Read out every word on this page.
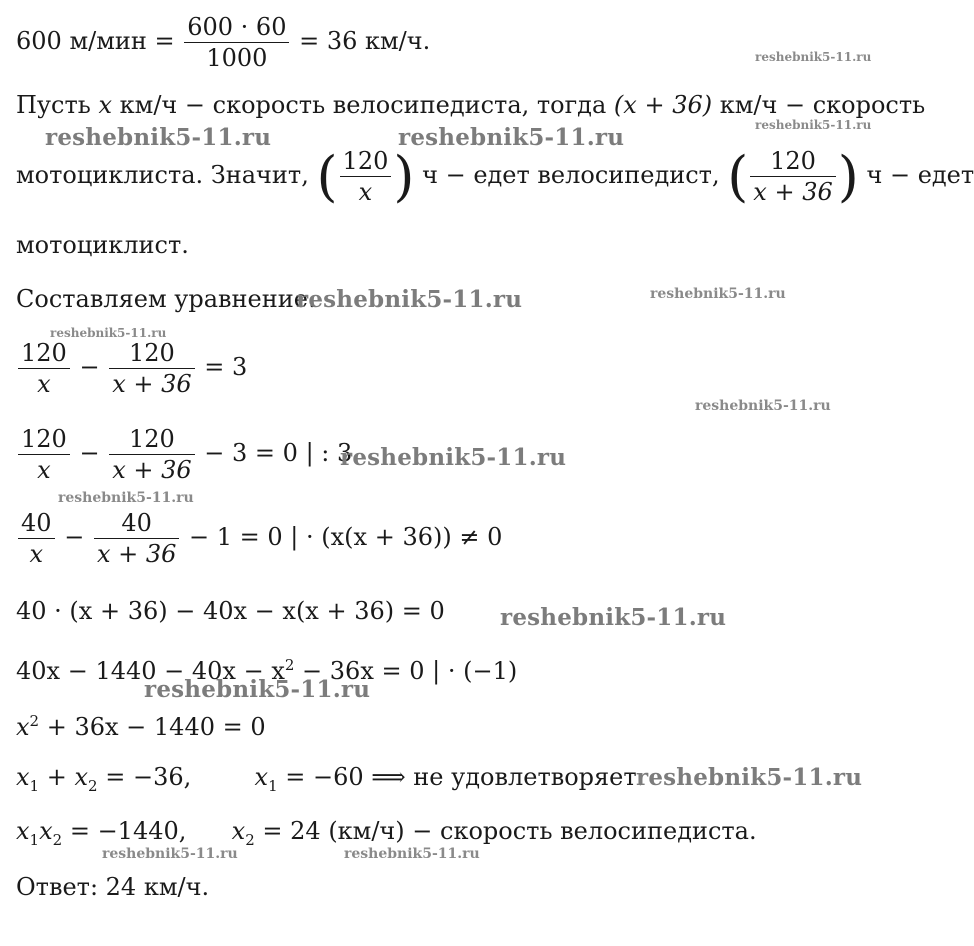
600 $м/мин = \frac{600 \cdot 60}{1000} = 36$ км/ч.
Пусть x км/ч − скорость велосипедиста, тогда (x + 36) км/ч − скорость
мотоциклиста. Значит, ( $\frac{120}{x}$ ) ч − едет велосипедист, ( $\frac{120}{x + 36}$ ) ч − едет
мотоциклист.
Составляем уравнение:
$\frac{120}{x} - \frac{120}{x + 36} = 3$
$\frac{120}{x} - \frac{120}{x + 36} - 3 = 0$ | : 3
$\frac{40}{x} - \frac{40}{x + 36} - 1 = 0$ | · (x(x + 36)) ≠ 0
40 · (x + 36) − 40x − x(x + 36) = 0
$40x - 1440 - 40x - x^2 - 36x = 0$ | · (−1)
$x^2 + 36x - 1440 = 0$
$x_1 + x_2 = -36$,	$x_1 = -60$ ⟹ не удовлетворяет.
$x_1x_2 = -1440$, $x_2 = 24$ (км/ч) − скорость велосипедиста.
Ответ: 24 км/ч.
reshebnik5-11.ru
reshebnik5-11.ru
reshebnik5-11.ru	reshebnik5-11.ru
reshebnik5-11.ru	reshebnik5-11.ru
reshebnik5-11.ru
reshebnik5-11.ru
reshebnik5-11.ru
reshebnik5-11.ru
reshebnik5-11.ru
reshebnik5-11.ru
reshebnik5-11.ru
reshebnik5-11.ru	reshebnik5-11.ru
